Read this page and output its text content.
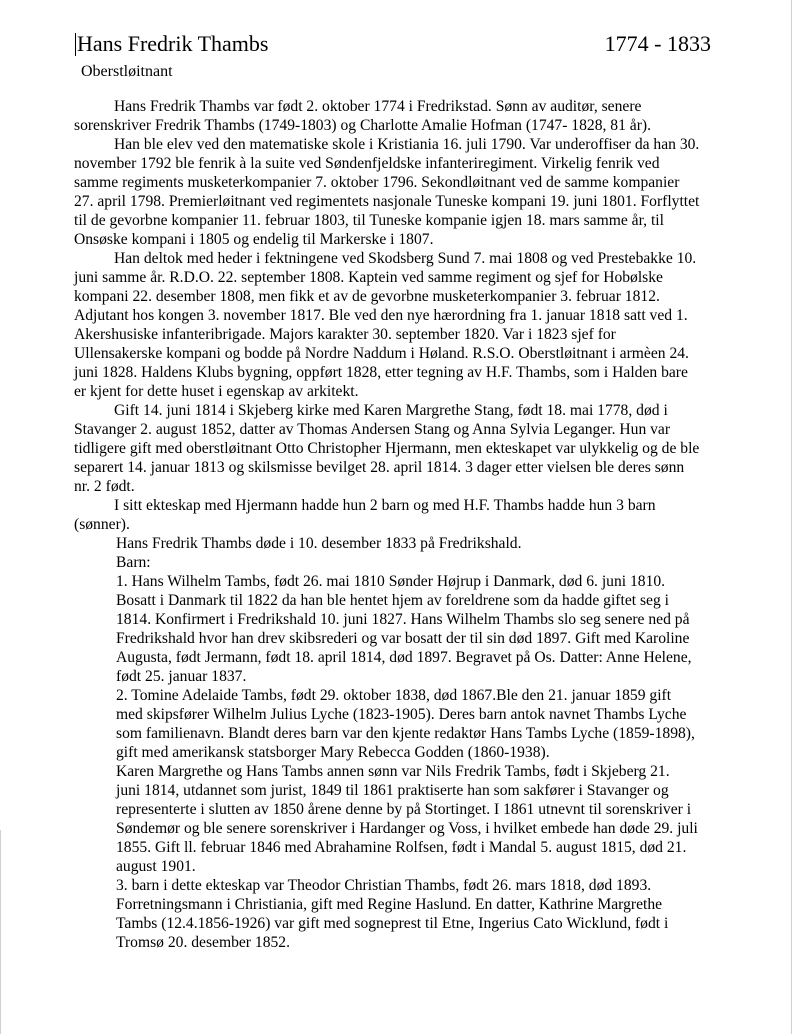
Hans Fredrik Thambs	1774 - 1833
Oberstløitnant

Hans Fredrik Thambs var født 2. oktober 1774 i Fredrikstad. Sønn av auditør, senere

sorenskriver Fredrik Thambs (1749-1803) og Charlotte Amalie Hofman (1747- 1828, 81 år).

Han ble elev ved den matematiske skole i Kristiania 16. juli 1790. Var underoffiser da han 30.

november 1792 ble fenrik à la suite ved Søndenfjeldske infanteriregiment. Virkelig fenrik ved

samme regiments musketerkompanier 7. oktober 1796. Sekondløitnant ved de samme kompanier

27. april 1798. Premierløitnant ved regimentets nasjonale Tuneske kompani 19. juni 1801. Forflyttet

til de gevorbne kompanier 11. februar 1803, til Tuneske kompanie igjen 18. mars samme år, til

Onsøske kompani i 1805 og endelig til Markerske i 1807.

Han deltok med heder i fektningene ved Skodsberg Sund 7. mai 1808 og ved Prestebakke 10.

juni samme år. R.D.O. 22. september 1808. Kaptein ved samme regiment og sjef for Hobølske

kompani 22. desember 1808, men fikk et av de gevorbne musketerkompanier 3. februar 1812.

Adjutant hos kongen 3. november 1817. Ble ved den nye hærordning fra 1. januar 1818 satt ved 1.

Akershusiske infanteribrigade. Majors karakter 30. september 1820. Var i 1823 sjef for

Ullensakerske kompani og bodde på Nordre Naddum i Høland. R.S.O. Oberstløitnant i armèen 24.

juni 1828. Haldens Klubs bygning, oppført 1828, etter tegning av H.F. Thambs, som i Halden bare

er kjent for dette huset i egenskap av arkitekt.

Gift 14. juni 1814 i Skjeberg kirke med Karen Margrethe Stang, født 18. mai 1778, død i

Stavanger 2. august 1852, datter av Thomas Andersen Stang og Anna Sylvia Leganger. Hun var

tidligere gift med oberstløitnant Otto Christopher Hjermann, men ekteskapet var ulykkelig og de ble

separert 14. januar 1813 og skilsmisse bevilget 28. april 1814. 3 dager etter vielsen ble deres sønn

nr. 2 født.

I sitt ekteskap med Hjermann hadde hun 2 barn og med H.F. Thambs hadde hun 3 barn

(sønner).

Hans Fredrik Thambs døde i 10. desember 1833 på Fredrikshald.

Barn:

1. Hans Wilhelm Tambs, født 26. mai 1810 Sønder Højrup i Danmark, død 6. juni 1810.

Bosatt i Danmark til 1822 da han ble hentet hjem av foreldrene som da hadde giftet seg i

1814. Konfirmert i Fredrikshald 10. juni 1827. Hans Wilhelm Thambs slo seg senere ned på

Fredrikshald hvor han drev skibsrederi og var bosatt der til sin død 1897. Gift med Karoline

Augusta, født Jermann, født 18. april 1814, død 1897. Begravet på Os. Datter: Anne Helene,

født 25. januar 1837.

2. Tomine Adelaide Tambs, født 29. oktober 1838, død 1867.Ble den 21. januar 1859 gift

med skipsfører Wilhelm Julius Lyche (1823-1905). Deres barn antok navnet Thambs Lyche

som familienavn. Blandt deres barn var den kjente redaktør Hans Tambs Lyche (1859-1898),

gift med amerikansk statsborger Mary Rebecca Godden (1860-1938).

Karen Margrethe og Hans Tambs annen sønn var Nils Fredrik Tambs, født i Skjeberg 21.

juni 1814, utdannet som jurist, 1849 til 1861 praktiserte han som sakfører i Stavanger og

representerte i slutten av 1850 årene denne by på Stortinget. I 1861 utnevnt til sorenskriver i

Søndemør og ble senere sorenskriver i Hardanger og Voss, i hvilket embede han døde 29. juli

1855. Gift ll. februar 1846 med Abrahamine Rolfsen, født i Mandal 5. august 1815, død 21.

august 1901.

3. barn i dette ekteskap var Theodor Christian Thambs, født 26. mars 1818, død 1893.

Forretningsmann i Christiania, gift med Regine Haslund. En datter, Kathrine Margrethe

Tambs (12.4.1856-1926) var gift med sogneprest til Etne, Ingerius Cato Wicklund, født i

Tromsø 20. desember 1852.
